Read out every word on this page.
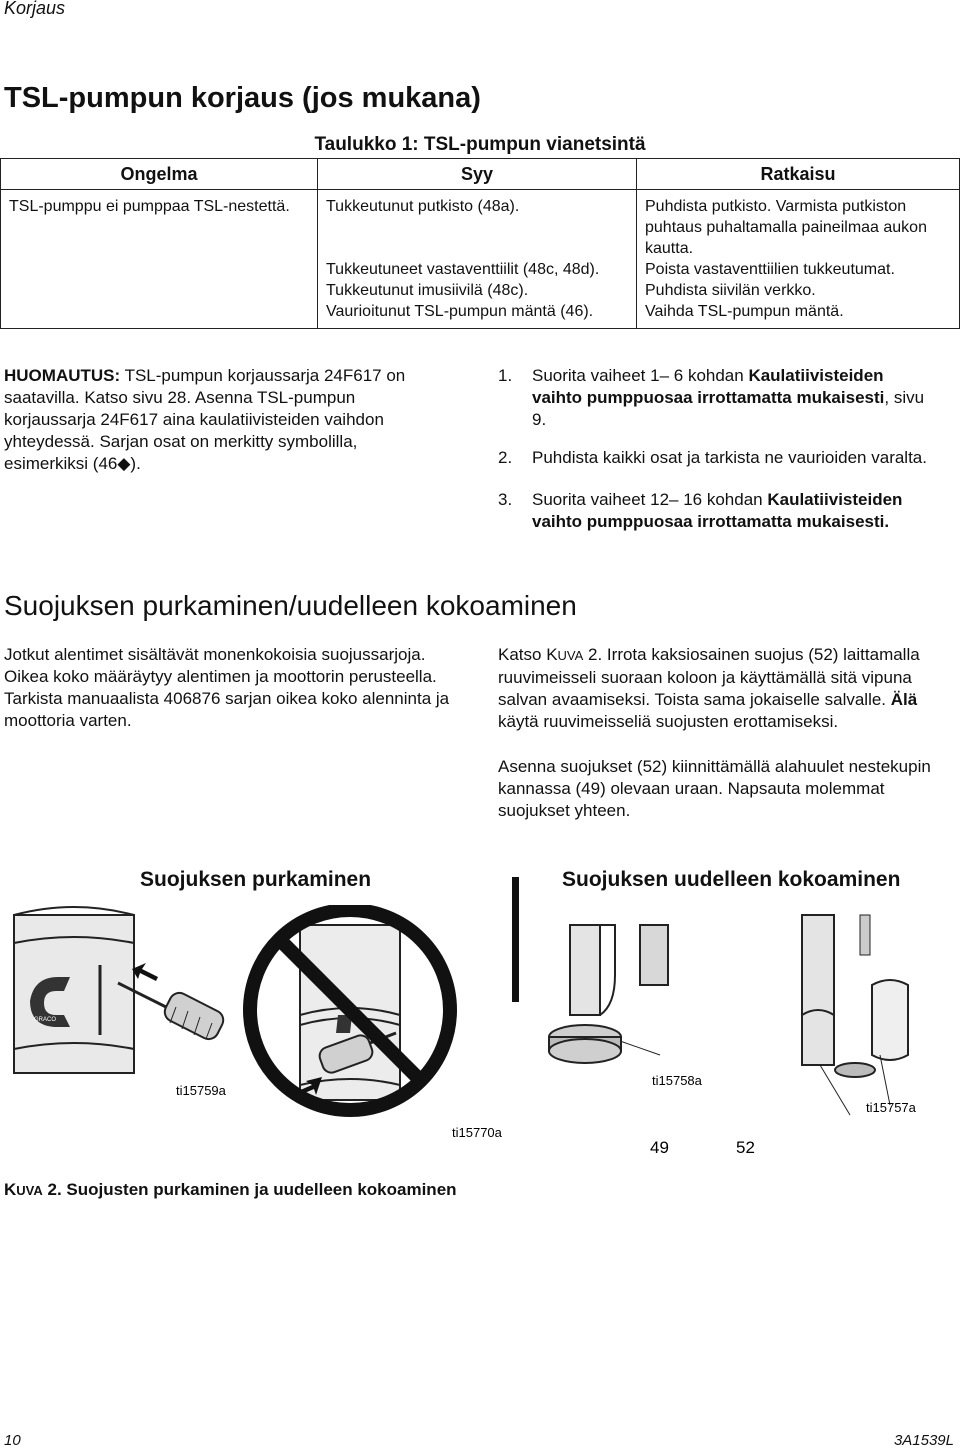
Korjaus
TSL-pumpun korjaus (jos mukana)
Taulukko 1: TSL-pumpun vianetsintä
Ongelma	Syy	Ratkaisu
TSL-pumppu ei pumppaa TSL-nestettä.	Tukkeutunut putkisto (48a).	Puhdista putkisto. Varmista putkiston puhtaus puhaltamalla paineilmaa aukon kautta.
	Tukkeutuneet vastaventtiilit (48c, 48d).	Poista vastaventtiilien tukkeutumat.
	Tukkeutunut imusiivilä (48c).	Puhdista siivilän verkko.
	Vaurioitunut TSL-pumpun mäntä (46).	Vaihda TSL-pumpun mäntä.
HUOMAUTUS: TSL-pumpun korjaussarja 24F617 on saatavilla. Katso sivu 28. Asenna TSL-pumpun korjaussarja 24F617 aina kaulatiivisteiden vaihdon yhteydessä. Sarjan osat on merkitty symbolilla, esimerkiksi (46◆).
1.	Suorita vaiheet 1– 6 kohdan Kaulatiivisteiden vaihto pumppuosaa irrottamatta mukaisesti, sivu 9.
2.	Puhdista kaikki osat ja tarkista ne vaurioiden varalta.
3.	Suorita vaiheet 12– 16 kohdan Kaulatiivisteiden vaihto pumppuosaa irrottamatta mukaisesti.
Suojuksen purkaminen/uudelleen kokoaminen
Jotkut alentimet sisältävät monenkokoisia suojussarjoja. Oikea koko määräytyy alentimen ja moottorin perusteella. Tarkista manuaalista 406876 sarjan oikea koko alenninta ja moottoria varten.
Katso KUVA 2. Irrota kaksiosainen suojus (52) laittamalla ruuvimeisseli suoraan koloon ja käyttämällä sitä vipuna salvan avaamiseksi. Toista sama jokaiselle salvalle. Älä käytä ruuvimeisseliä suojusten erottamiseksi.
Asenna suojukset (52) kiinnittämällä alahuulet nestekupin kannassa (49) olevaan uraan. Napsauta molemmat suojukset yhteen.
Suojuksen purkaminen	Suojuksen uudelleen kokoaminen
GRACO
ti15759a
ti15770a
ti15758a
ti15757a
49	52
KUVA 2. Suojusten purkaminen ja uudelleen kokoaminen
10	3A1539L
